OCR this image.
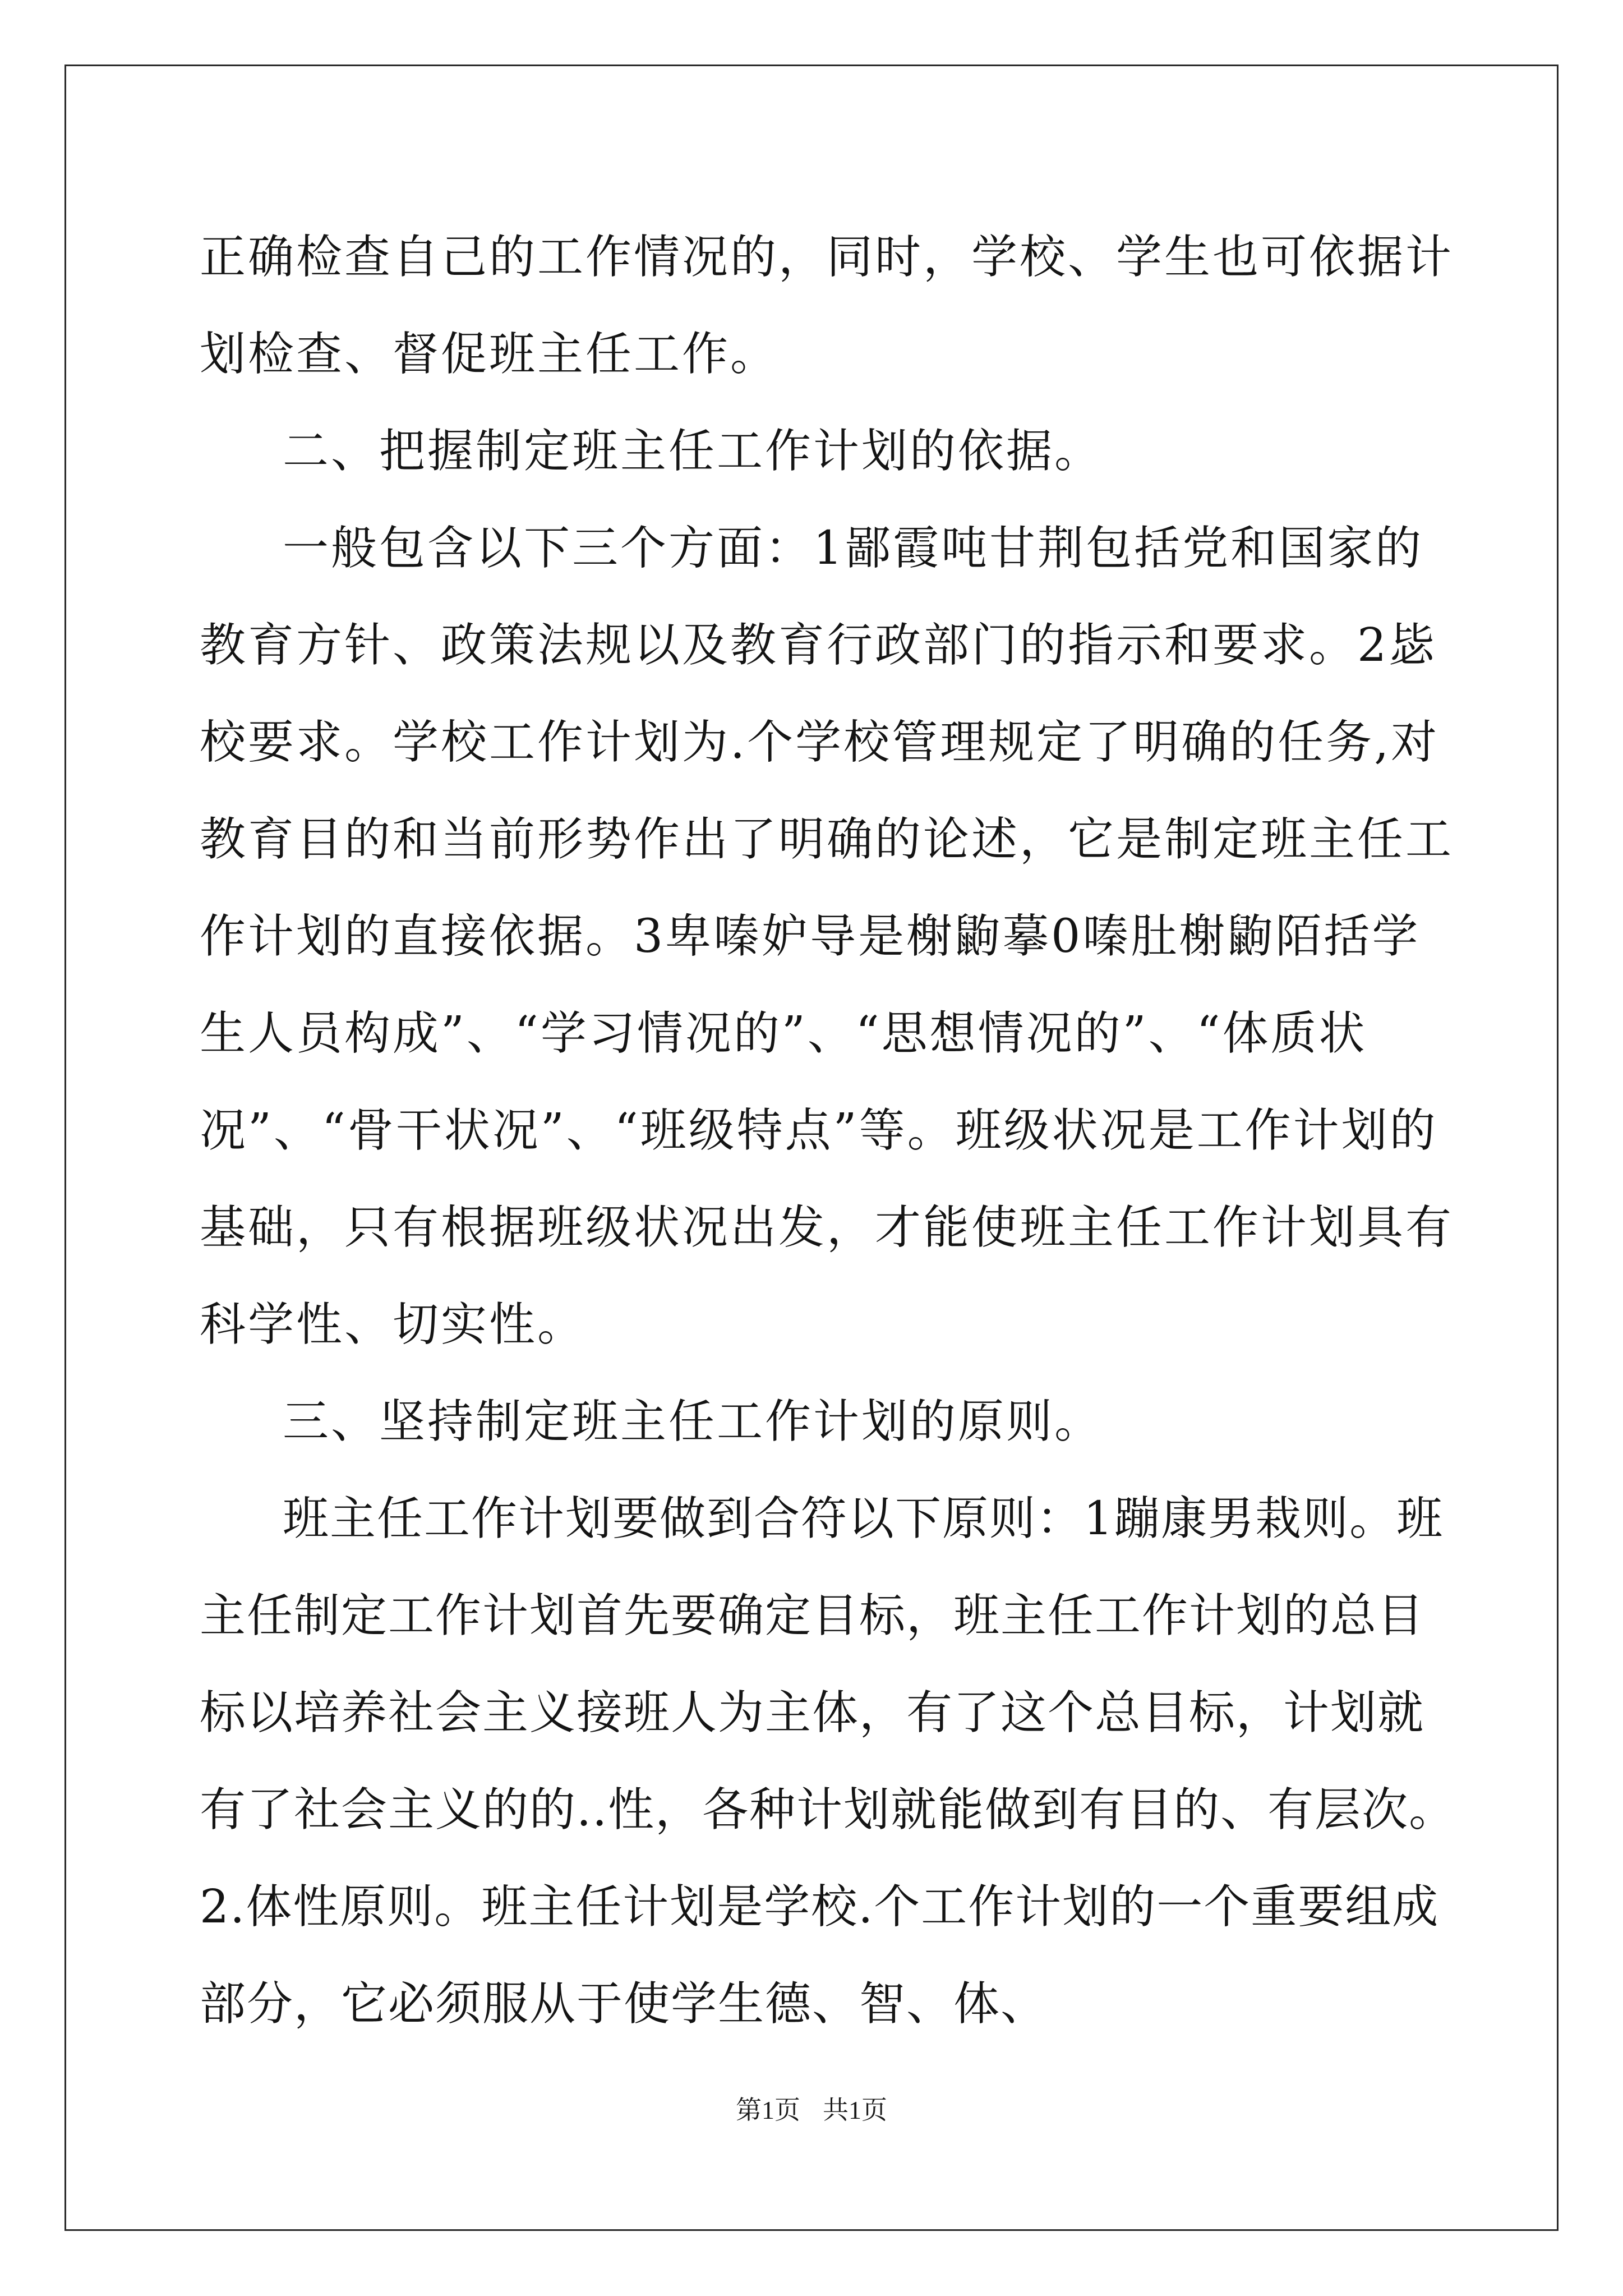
正确检查自己的工作情况的，同时，学校、学生也可依据计划检查、督促班主任工作。

二、把握制定班主任工作计划的依据。

一般包含以下三个方面：1鄙霞吨甘荆包括党和国家的教育方针、政策法规以及教育行政部门的指示和要求。2毖校要求。学校工作计划为.个学校管理规定了明确的任务,对教育目的和当前形势作出了明确的论述，它是制定班主任工作计划的直接依据。3卑嗪妒导是榭鼩摹0嗪肚榭鼩陌括学生人员构成”、“学习情况的”、“思想情况的”、“体质状况”、“骨干状况”、“班级特点”等。班级状况是工作计划的基础，只有根据班级状况出发，才能使班主任工作计划具有科学性、切实性。

三、坚持制定班主任工作计划的原则。

班主任工作计划要做到合符以下原则：1蹦康男栽则。班主任制定工作计划首先要确定目标，班主任工作计划的总目标以培养社会主义接班人为主体，有了这个总目标，计划就有了社会主义的的..性，各种计划就能做到有目的、有层次。2.体性原则。班主任计划是学校.个工作计划的一个重要组成部分，它必须服从于使学生德、智、体、

第1页 共1页
